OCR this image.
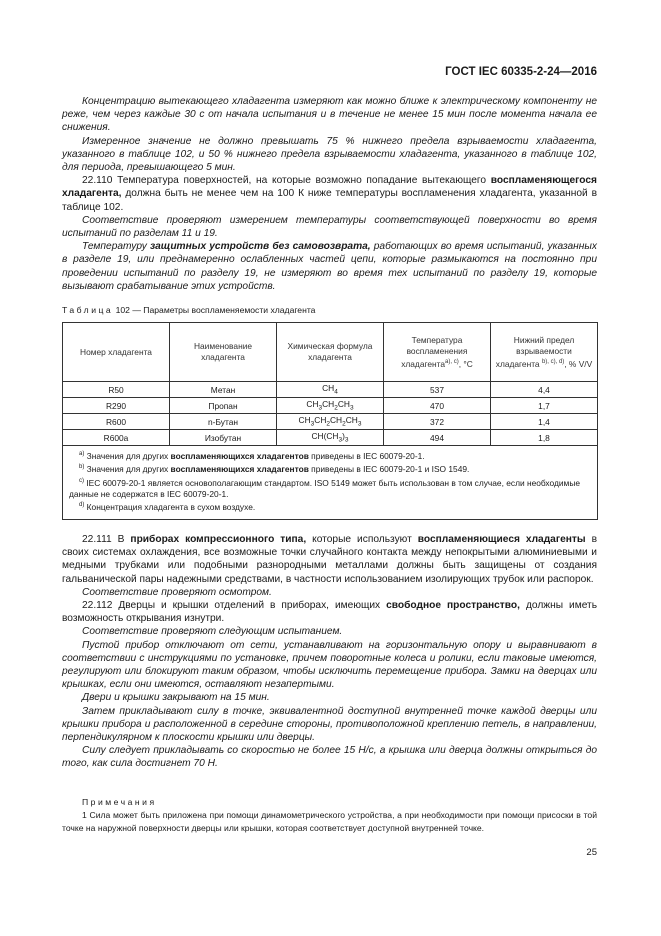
ГОСТ IEC 60335-2-24—2016

Концентрацию вытекающего хладагента измеряют как можно ближе к электрическому компоненту не реже, чем через каждые 30 с от начала испытания и в течение не менее 15 мин после момента начала ее снижения.

Измеренное значение не должно превышать 75 % нижнего предела взрываемости хладагента, указанного в таблице 102, и 50 % нижнего предела взрываемости хладагента, указанного в таблице 102, для периода, превышающего 5 мин.

22.110 Температура поверхностей, на которые возможно попадание вытекающего воспламеняющегося хладагента, должна быть не менее чем на 100 К ниже температуры воспламенения хладагента, указанной в таблице 102.

Соответствие проверяют измерением температуры соответствующей поверхности во время испытаний по разделам 11 и 19.

Температуру защитных устройств без самовозврата, работающих во время испытаний, указанных в разделе 19, или преднамеренно ослабленных частей цепи, которые размыкаются на постоянно при проведении испытаний по разделу 19, не измеряют во время тех испытаний по разделу 19, которые вызывают срабатывание этих устройств.

Таблица 102 — Параметры воспламеняемости хладагента
Номер хладагента	Наименование хладагента	Химическая формула хладагента	Температура воспламенения хладагента$^{a), c)}$, °C	Нижний предел взрываемости хладагента $^{b), c), d)}$, % V/V
R50	Метан	$CH_4$	537	4,4
R290	Пропан	$CH_3CH_2CH_3$	470	1,7
R600	n-Бутан	$CH_3CH_2CH_2CH_3$	372	1,4
R600a	Изобутан	$CH(CH_3)_3$	494	1,8

$^{a)}$ Значения для других воспламеняющихся хладагентов приведены в IEC 60079-20-1.
$^{b)}$ Значения для других воспламеняющихся хладагентов приведены в IEC 60079-20-1 и ISO 1549.
$^{c)}$ IEC 60079-20-1 является основополагающим стандартом. ISO 5149 может быть использован в том случае, если необходимые данные не содержатся в IEC 60079-20-1.
$^{d)}$ Концентрация хладагента в сухом воздухе.				

22.111 В приборах компрессионного типа, которые используют воспламеняющиеся хладагенты в своих системах охлаждения, все возможные точки случайного контакта между непокрытыми алюминиевыми и медными трубками или подобными разнородными металлами должны быть защищены от создания гальванической пары надежными средствами, в частности использованием изолирующих трубок или распорок.

Соответствие проверяют осмотром.

22.112 Дверцы и крышки отделений в приборах, имеющих свободное пространство, должны иметь возможность открывания изнутри.

Соответствие проверяют следующим испытанием.

Пустой прибор отключают от сети, устанавливают на горизонтальную опору и выравнивают в соответствии с инструкциями по установке, причем поворотные колеса и ролики, если таковые имеются, регулируют или блокируют таким образом, чтобы исключить перемещение прибора. Замки на дверцах или крышках, если они имеются, оставляют незапертыми.

Двери и крышки закрывают на 15 мин.

Затем прикладывают силу в точке, эквивалентной доступной внутренней точке каждой дверцы или крышки прибора и расположенной в середине стороны, противоположной креплению петель, в направлении, перпендикулярном к плоскости крышки или дверцы.

Силу следует прикладывать со скоростью не более 15 Н/с, а крышка или дверца должны открыться до того, как сила достигнет 70 Н.

Примечания

1 Сила может быть приложена при помощи динамометрического устройства, а при необходимости при помощи присоски в той точке на наружной поверхности дверцы или крышки, которая соответствует доступной внутренней точке.

25
